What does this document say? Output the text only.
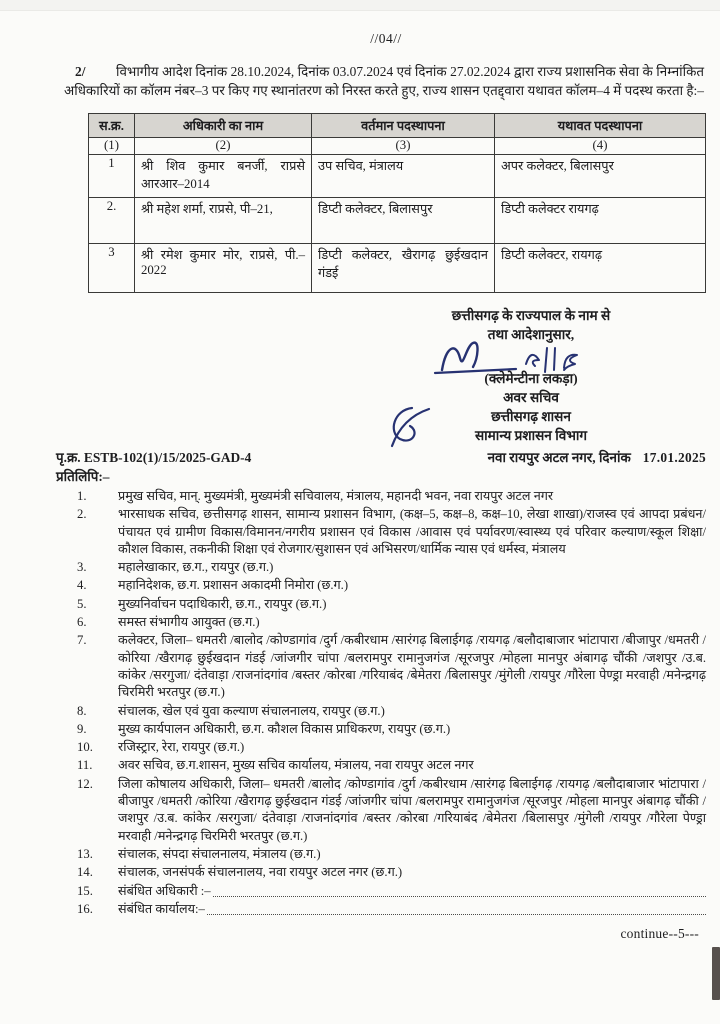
//04//

2/ विभागीय आदेश दिनांक 28.10.2024, दिनांक 03.07.2024 एवं दिनांक 27.02.2024 द्वारा राज्य प्रशासनिक सेवा के निम्नांकित अधिकारियों का कॉलम नंबर–3 पर किए गए स्थानांतरण को निरस्त करते हुए, राज्य शासन एतद्द्वारा यथावत कॉलम–4 में पदस्थ करता है:–

स.क्र.	अधिकारी का नाम	वर्तमान पदस्थापना	यथावत पदस्थापना
(1)	(2)	(3)	(4)
1	श्री शिव कुमार बनर्जी, राप्रसे आरआर–2014	उप सचिव, मंत्रालय	अपर कलेक्टर, बिलासपुर
2.	श्री महेश शर्मा, राप्रसे, पी–21,	डिप्टी कलेक्टर, बिलासपुर	डिप्टी कलेक्टर रायगढ़
3	श्री रमेश कुमार मोर, राप्रसे, पी.–2022	डिप्टी कलेक्टर, खैरागढ़ छुईखदान गंडई	डिप्टी कलेक्टर, रायगढ़
छत्तीसगढ़ के राज्यपाल के नाम से
तथा आदेशानुसार,
(क्लेमेन्टीना लकड़ा)
अवर सचिव
छत्तीसगढ़ शासन
सामान्य प्रशासन विभाग
पृ.क्र. ESTB-102(1)/15/2025-GAD-4	नवा रायपुर अटल नगर, दिनांक 17.01.2025
प्रतिलिपि:–
1.	प्रमुख सचिव, मान्. मुख्यमंत्री, मुख्यमंत्री सचिवालय, मंत्रालय, महानदी भवन, नवा रायपुर अटल नगर
2.	भारसाधक सचिव, छत्तीसगढ़ शासन, सामान्य प्रशासन विभाग, (कक्ष–5, कक्ष–8, कक्ष–10, लेखा शाखा)/राजस्व एवं आपदा प्रबंधन/पंचायत एवं ग्रामीण विकास/विमानन/नगरीय प्रशासन एवं विकास /आवास एवं पर्यावरण/स्वास्थ्य एवं परिवार कल्याण/स्कूल शिक्षा/ कौशल विकास, तकनीकी शिक्षा एवं रोजगार/सुशासन एवं अभिसरण/धार्मिक न्यास एवं धर्मस्व, मंत्रालय
3.	महालेखाकार, छ.ग., रायपुर (छ.ग.)
4.	महानिदेशक, छ.ग. प्रशासन अकादमी निमोरा (छ.ग.)
5.	मुख्यनिर्वाचन पदाधिकारी, छ.ग., रायपुर (छ.ग.)
6.	समस्त संभागीय आयुक्त (छ.ग.)
7.	कलेक्टर, जिला– धमतरी /बालोद /कोण्डागांव /दुर्ग /कबीरधाम /सारंगढ़ बिलाईगढ़ /रायगढ़ /बलौदाबाजार भांटापारा /बीजापुर /धमतरी /कोरिया /खैरागढ़ छुईखदान गंडई /जांजगीर चांपा /बलरामपुर रामानुजगंज /सूरजपुर /मोहला मानपुर अंबागढ़ चौंकी /जशपुर /उ.ब. कांकेर /सरगुजा/ दंतेवाड़ा /राजनांदगांव /बस्तर /कोरबा /गरियाबंद /बेमेतरा /बिलासपुर /मुंगेली /रायपुर /गौरेला पेण्ड्रा मरवाही /मनेन्द्रगढ़ चिरमिरी भरतपुर (छ.ग.)
8.	संचालक, खेल एवं युवा कल्याण संचालनालय, रायपुर (छ.ग.)
9.	मुख्य कार्यपालन अधिकारी, छ.ग. कौशल विकास प्राधिकरण, रायपुर (छ.ग.)
10.	रजिस्ट्रार, रेरा, रायपुर (छ.ग.)
11.	अवर सचिव, छ.ग.शासन, मुख्य सचिव कार्यालय, मंत्रालय, नवा रायपुर अटल नगर
12.	जिला कोषालय अधिकारी, जिला– धमतरी /बालोद /कोण्डागांव /दुर्ग /कबीरधाम /सारंगढ़ बिलाईगढ़ /रायगढ़ /बलौदाबाजार भांटापारा /बीजापुर /धमतरी /कोरिया /खैरागढ़ छुईखदान गंडई /जांजगीर चांपा /बलरामपुर रामानुजगंज /सूरजपुर /मोहला मानपुर अंबागढ़ चौंकी /जशपुर /उ.ब. कांकेर /सरगुजा/ दंतेवाड़ा /राजनांदगांव /बस्तर /कोरबा /गरियाबंद /बेमेतरा /बिलासपुर /मुंगेली /रायपुर /गौरेला पेण्ड्रा मरवाही /मनेन्द्रगढ़ चिरमिरी भरतपुर (छ.ग.)
13.	संचालक, संपदा संचालनालय, मंत्रालय (छ.ग.)
14.	संचालक, जनसंपर्क संचालनालय, नवा रायपुर अटल नगर (छ.ग.)
15.	संबंधित अधिकारी :–
16.	संबंधित कार्यालय:–
continue--5---
